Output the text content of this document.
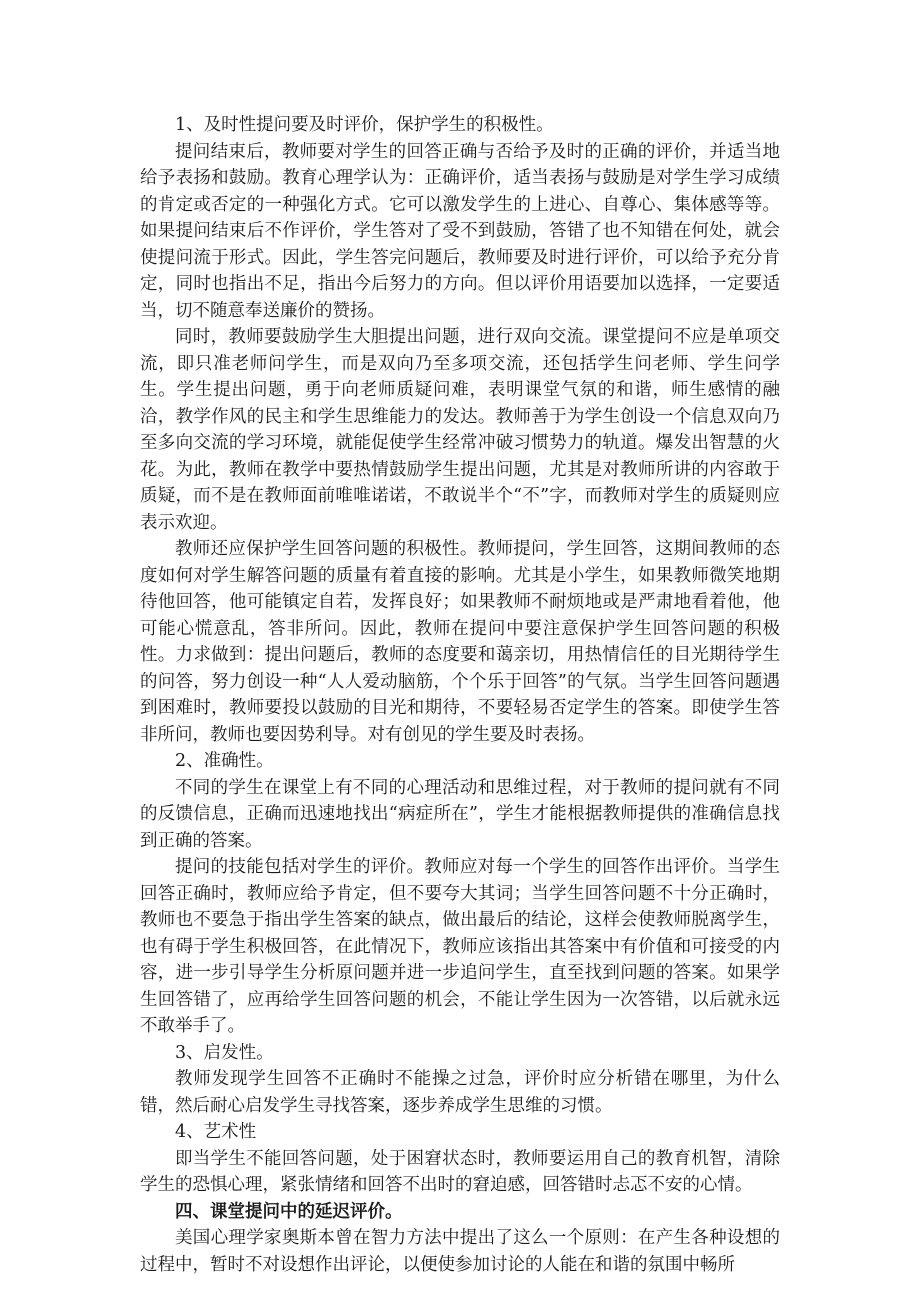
1、及时性提问要及时评价，保护学生的积极性。

提问结束后，教师要对学生的回答正确与否给予及时的正确的评价，并适当地给予表扬和鼓励。教育心理学认为：正确评价，适当表扬与鼓励是对学生学习成绩的肯定或否定的一种强化方式。它可以激发学生的上进心、自尊心、集体感等等。如果提问结束后不作评价，学生答对了受不到鼓励，答错了也不知错在何处，就会使提问流于形式。因此，学生答完问题后，教师要及时进行评价，可以给予充分肯定，同时也指出不足，指出今后努力的方向。但以评价用语要加以选择，一定要适当，切不随意奉送廉价的赞扬。

同时，教师要鼓励学生大胆提出问题，进行双向交流。课堂提问不应是单项交流，即只准老师问学生，而是双向乃至多项交流，还包括学生问老师、学生问学生。学生提出问题，勇于向老师质疑问难，表明课堂气氛的和谐，师生感情的融洽，教学作风的民主和学生思维能力的发达。教师善于为学生创设一个信息双向乃至多向交流的学习环境，就能促使学生经常冲破习惯势力的轨道。爆发出智慧的火花。为此，教师在教学中要热情鼓励学生提出问题，尤其是对教师所讲的内容敢于质疑，而不是在教师面前唯唯诺诺，不敢说半个“不”字，而教师对学生的质疑则应表示欢迎。

教师还应保护学生回答问题的积极性。教师提问，学生回答，这期间教师的态度如何对学生解答问题的质量有着直接的影响。尤其是小学生，如果教师微笑地期待他回答，他可能镇定自若，发挥良好；如果教师不耐烦地或是严肃地看着他，他可能心慌意乱，答非所问。因此，教师在提问中要注意保护学生回答问题的积极性。力求做到：提出问题后，教师的态度要和蔼亲切，用热情信任的目光期待学生的问答，努力创设一种“人人爱动脑筋，个个乐于回答”的气氛。当学生回答问题遇到困难时，教师要投以鼓励的目光和期待，不要轻易否定学生的答案。即使学生答非所问，教师也要因势利导。对有创见的学生要及时表扬。

2、准确性。

不同的学生在课堂上有不同的心理活动和思维过程，对于教师的提问就有不同的反馈信息，正确而迅速地找出“病症所在”，学生才能根据教师提供的准确信息找到正确的答案。

提问的技能包括对学生的评价。教师应对每一个学生的回答作出评价。当学生回答正确时，教师应给予肯定，但不要夸大其词；当学生回答问题不十分正确时，教师也不要急于指出学生答案的缺点，做出最后的结论，这样会使教师脱离学生，也有碍于学生积极回答，在此情况下，教师应该指出其答案中有价值和可接受的内容，进一步引导学生分析原问题并进一步追问学生，直至找到问题的答案。如果学生回答错了，应再给学生回答问题的机会，不能让学生因为一次答错，以后就永远不敢举手了。

3、启发性。

教师发现学生回答不正确时不能操之过急，评价时应分析错在哪里，为什么错，然后耐心启发学生寻找答案，逐步养成学生思维的习惯。

4、艺术性

即当学生不能回答问题，处于困窘状态时，教师要运用自己的教育机智，清除学生的恐惧心理，紧张情绪和回答不出时的窘迫感，回答错时忐忑不安的心情。

四、课堂提问中的延迟评价。

美国心理学家奥斯本曾在智力方法中提出了这么一个原则：在产生各种设想的过程中，暂时不对设想作出评论，以便使参加讨论的人能在和谐的氛围中畅所
